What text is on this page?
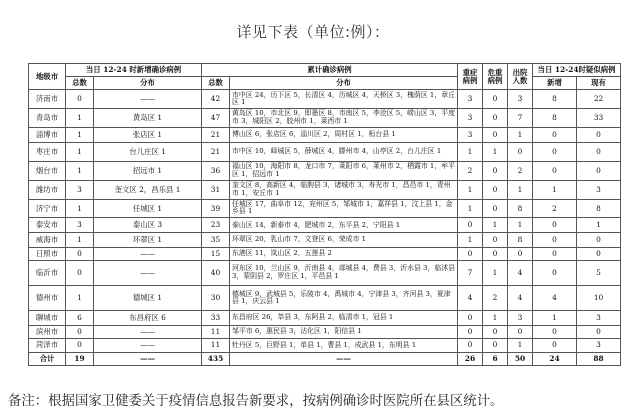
详见下表（单位:例）：
地级市	当日 12-24 时新增确诊病例		累计确诊病例		重症病例	危重病例	出院人数	当日 12-24时疑似病例	
	总数	分布	总数	分布				新增	现有
济南市	0	——	42	市中区 24，历下区 5，长清区 4，历城区 4，天桥区 3，槐荫区 1，章丘区 1	3	0	3	8	22
青岛市	1	黄岛区 1	47	黄岛区 10，市北区 9，即墨区 8，市南区 5，李沧区 5，崂山区 3，平度市 3，城阳区 2，胶州市 1，莱西市 1	3	0	7	8	33
淄博市	1	张店区 1	21	博山区 6，张店区 6，淄川区 2，周村区 1，桓台县 1	3	0	1	0	0
枣庄市	1	台儿庄区 1	21	市中区 10，峄城区 5，薛城区 4，滕州市 4，山亭区 2，台儿庄区 1	1	1	0	0	0
烟台市	1	招远市 1	36	福山区 10，海阳市 8，龙口市 7，莱阳市 6，莱州市 2，栖霞市 1，牟平区 1，招远市 1	2	0	2	0	0
潍坊市	3	奎文区 2，昌乐县 1	31	奎文区 8，高新区 4，临朐县 3，诸城市 3，寿光市 1，昌邑市 1，青州市 1，安丘市 1	1	0	1	1	3
济宁市	1	任城区 1	39	任城区 17，曲阜市 12，兖州区 5，邹城市 1，嘉祥县 1，汶上县 1，金乡县 1	1	0	8	2	8
泰安市	3	泰山区 3	23	泰山区 14，新泰市 4，肥城市 2，东平县 2，宁阳县 1	0	1	1	0	1
威海市	1	环翠区 1	35	环翠区 20，乳山市 7，文登区 6，荣成市 1	1	0	8	0	0
日照市	0	——	15	东港区 11，岚山区 2，五莲县 2	0	0	0	0	0
临沂市	0	——	40	河东区 10，兰山区 9，沂南县 4，郯城县 4，费县 3，沂水县 3，临沭县 3，蒙阴县 2，罗庄区 1，平邑县 1	7	1	4	0	5
德州市	1	德城区 1	30	德城区 9，武城县 5，乐陵市 4，禹城市 4，宁津县 3，齐河县 3，夏津县 1，庆云县 1	4	2	4	4	10
聊城市	6	东昌府区 6	33	东昌府区 26，莘县 3，东阿县 2，临清市 1，冠县 1	0	1	3	1	3
滨州市	0	——	11	邹平市 6，惠民县 3，沾化区 1，阳信县 1	0	0	0	0	0
菏泽市	0	——	11	牡丹区 5，巨野县 1，单县 1，曹县 1，成武县 1，东明县 1	0	0	1	0	3
合计	19	——	435	——	26	6	50	24	88
备注：根据国家卫健委关于疫情信息报告新要求，按病例确诊时医院所在县区统计。
